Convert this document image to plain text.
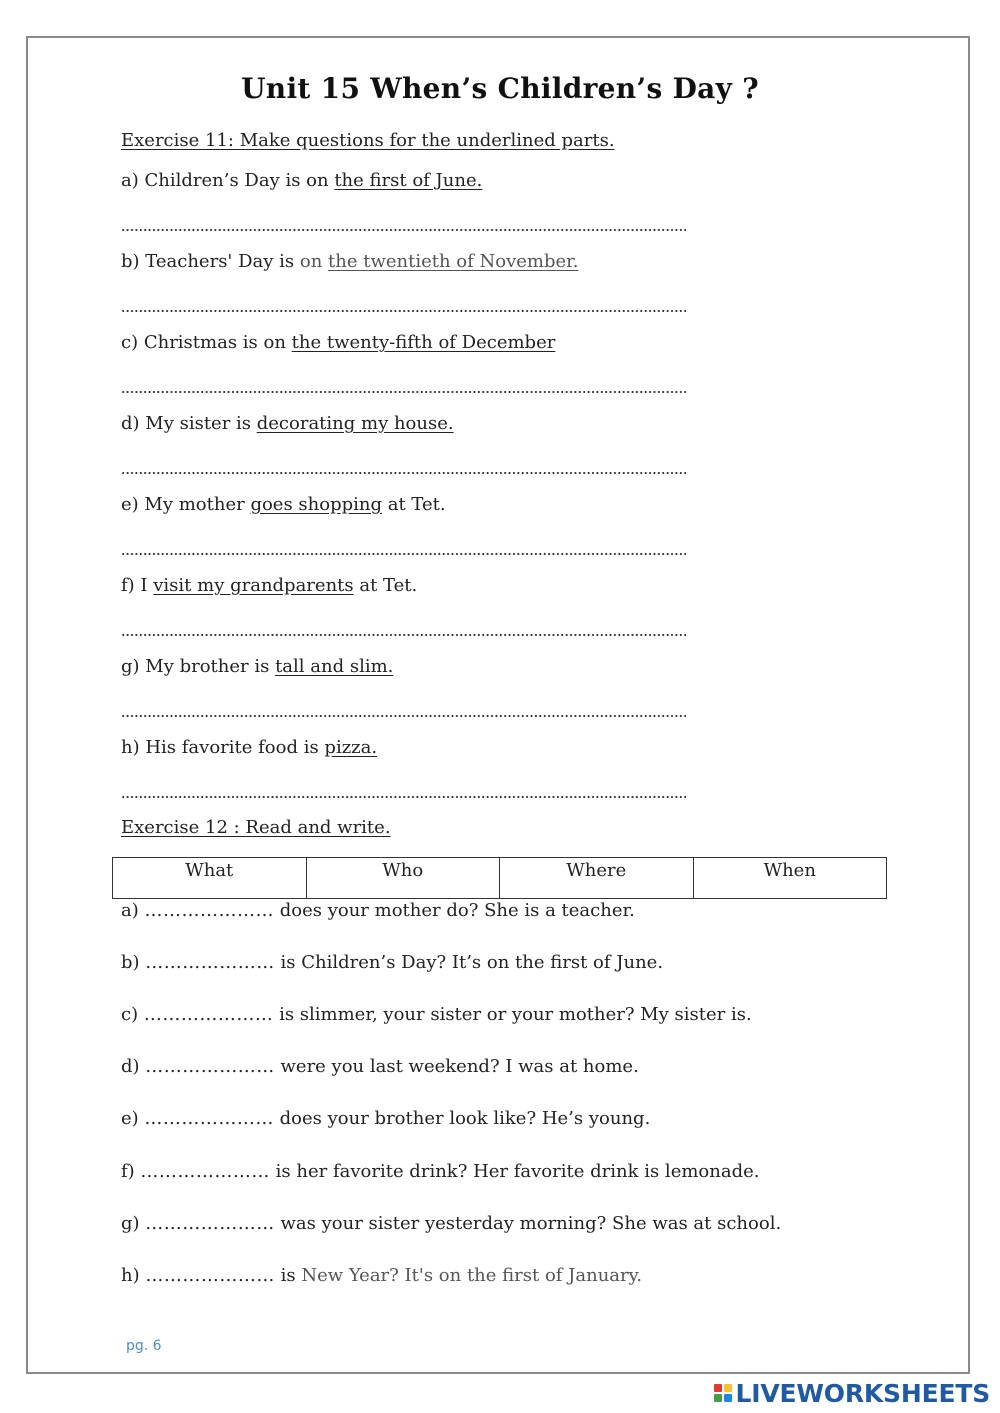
Unit 15 When’s Children’s Day ?
Exercise 11: Make questions for the underlined parts.
a) Children’s Day is on the first of June.
b) Teachers' Day is on the twentieth of November.
c) Christmas is on the twenty-fifth of December
d) My sister is decorating my house.
e) My mother goes shopping at Tet.
f) I visit my grandparents at Tet.
g) My brother is tall and slim.
h) His favorite food is pizza.
Exercise 12 : Read and write.
What	Who	Where	When
a) ………………… does your mother do? She is a teacher.
b) ………………… is Children’s Day? It’s on the first of June.
c) ………………… is slimmer, your sister or your mother? My sister is.
d) ………………… were you last weekend? I was at home.
e) ………………… does your brother look like? He’s young.
f) ………………… is her favorite drink? Her favorite drink is lemonade.
g) ………………… was your sister yesterday morning? She was at school.
h) ………………… is New Year? It's on the first of January.
pg. 6
LIVEWORKSHEETS
